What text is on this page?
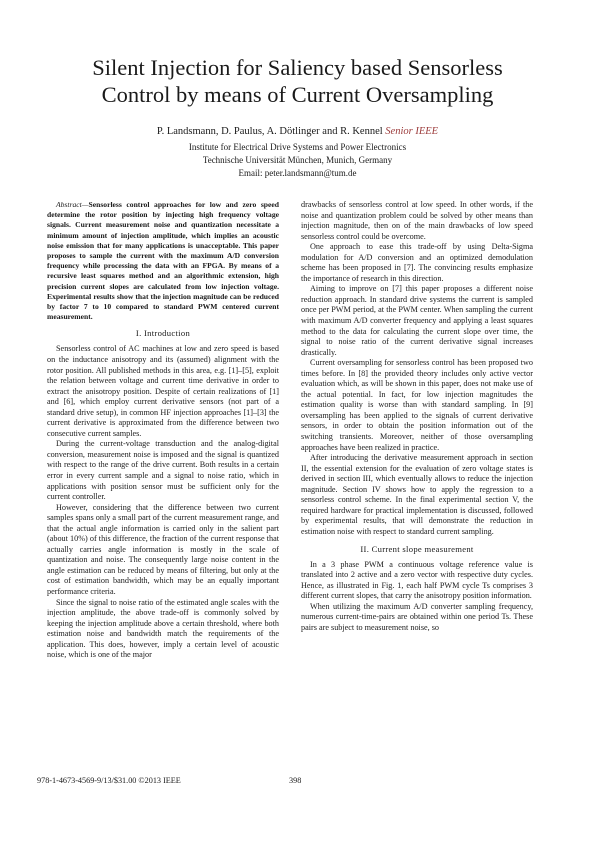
Silent Injection for Saliency based Sensorless
Control by means of Current Oversampling
P. Landsmann, D. Paulus, A. Dötlinger and R. Kennel Senior IEEE
Institute for Electrical Drive Systems and Power Electronics
Technische Universität München, Munich, Germany
Email: peter.landsmann@tum.de

Abstract—Sensorless control approaches for low and zero speed determine the rotor position by injecting high frequency voltage signals. Current measurement noise and quantization necessitate a minimum amount of injection amplitude, which implies an acoustic noise emission that for many applications is unacceptable. This paper proposes to sample the current with the maximum A/D conversion frequency while processing the data with an FPGA. By means of a recursive least squares method and an algorithmic extension, high precision current slopes are calculated from low injection voltage. Experimental results show that the injection magnitude can be reduced by factor 7 to 10 compared to standard PWM centered current measurement.

I. Introduction

Sensorless control of AC machines at low and zero speed is based on the inductance anisotropy and its (assumed) alignment with the rotor position. All published methods in this area, e.g. [1]–[5], exploit the relation between voltage and current time derivative in order to extract the anisotropy position. Despite of certain realizations of [1] and [6], which employ current derivative sensors (not part of a standard drive setup), in common HF injection approaches [1]–[3] the current derivative is approximated from the difference between two consecutive current samples.

During the current-voltage transduction and the analog-digital conversion, measurement noise is imposed and the signal is quantized with respect to the range of the drive current. Both results in a certain error in every current sample and a signal to noise ratio, which in applications with position sensor must be sufficient only for the current controller.

However, considering that the difference between two current samples spans only a small part of the current measurement range, and that the actual angle information is carried only in the salient part (about 10%) of this difference, the fraction of the current response that actually carries angle information is mostly in the scale of quantization and noise. The consequently large noise content in the angle estimation can be reduced by means of filtering, but only at the cost of estimation bandwidth, which may be an equally important performance criteria.

Since the signal to noise ratio of the estimated angle scales with the injection amplitude, the above trade-off is commonly solved by keeping the injection amplitude above a certain threshold, where both estimation noise and bandwidth match the requirements of the application. This does, however, imply a certain level of acoustic noise, which is one of the major

drawbacks of sensorless control at low speed. In other words, if the noise and quantization problem could be solved by other means than injection magnitude, then on of the main drawbacks of low speed sensorless control could be overcome.

One approach to ease this trade-off by using Delta-Sigma modulation for A/D conversion and an optimized demodulation scheme has been proposed in [7]. The convincing results emphasize the importance of research in this direction.

Aiming to improve on [7] this paper proposes a different noise reduction approach. In standard drive systems the current is sampled once per PWM period, at the PWM center. When sampling the current with maximum A/D converter frequency and applying a least squares method to the data for calculating the current slope over time, the signal to noise ratio of the current derivative signal increases drastically.

Current oversampling for sensorless control has been proposed two times before. In [8] the provided theory includes only active vector evaluation which, as will be shown in this paper, does not make use of the actual potential. In fact, for low injection magnitudes the estimation quality is worse than with standard sampling. In [9] oversampling has been applied to the signals of current derivative sensors, in order to obtain the position information out of the switching transients. Moreover, neither of those oversampling approaches have been realized in practice.

After introducing the derivative measurement approach in section II, the essential extension for the evaluation of zero voltage states is derived in section III, which eventually allows to reduce the injection magnitude. Section IV shows how to apply the regression to a sensorless control scheme. In the final experimental section V, the required hardware for practical implementation is discussed, followed by experimental results, that will demonstrate the reduction in estimation noise with respect to standard current sampling.

II. Current slope measurement

In a 3 phase PWM a continuous voltage reference value is translated into 2 active and a zero vector with respective duty cycles. Hence, as illustrated in Fig. 1, each half PWM cycle Ts comprises 3 different current slopes, that carry the anisotropy position information.

When utilizing the maximum A/D converter sampling frequency, numerous current-time-pairs are obtained within one period Ts. These pairs are subject to measurement noise, so

978-1-4673-4569-9/13/$31.00 ©2013 IEEE	398
